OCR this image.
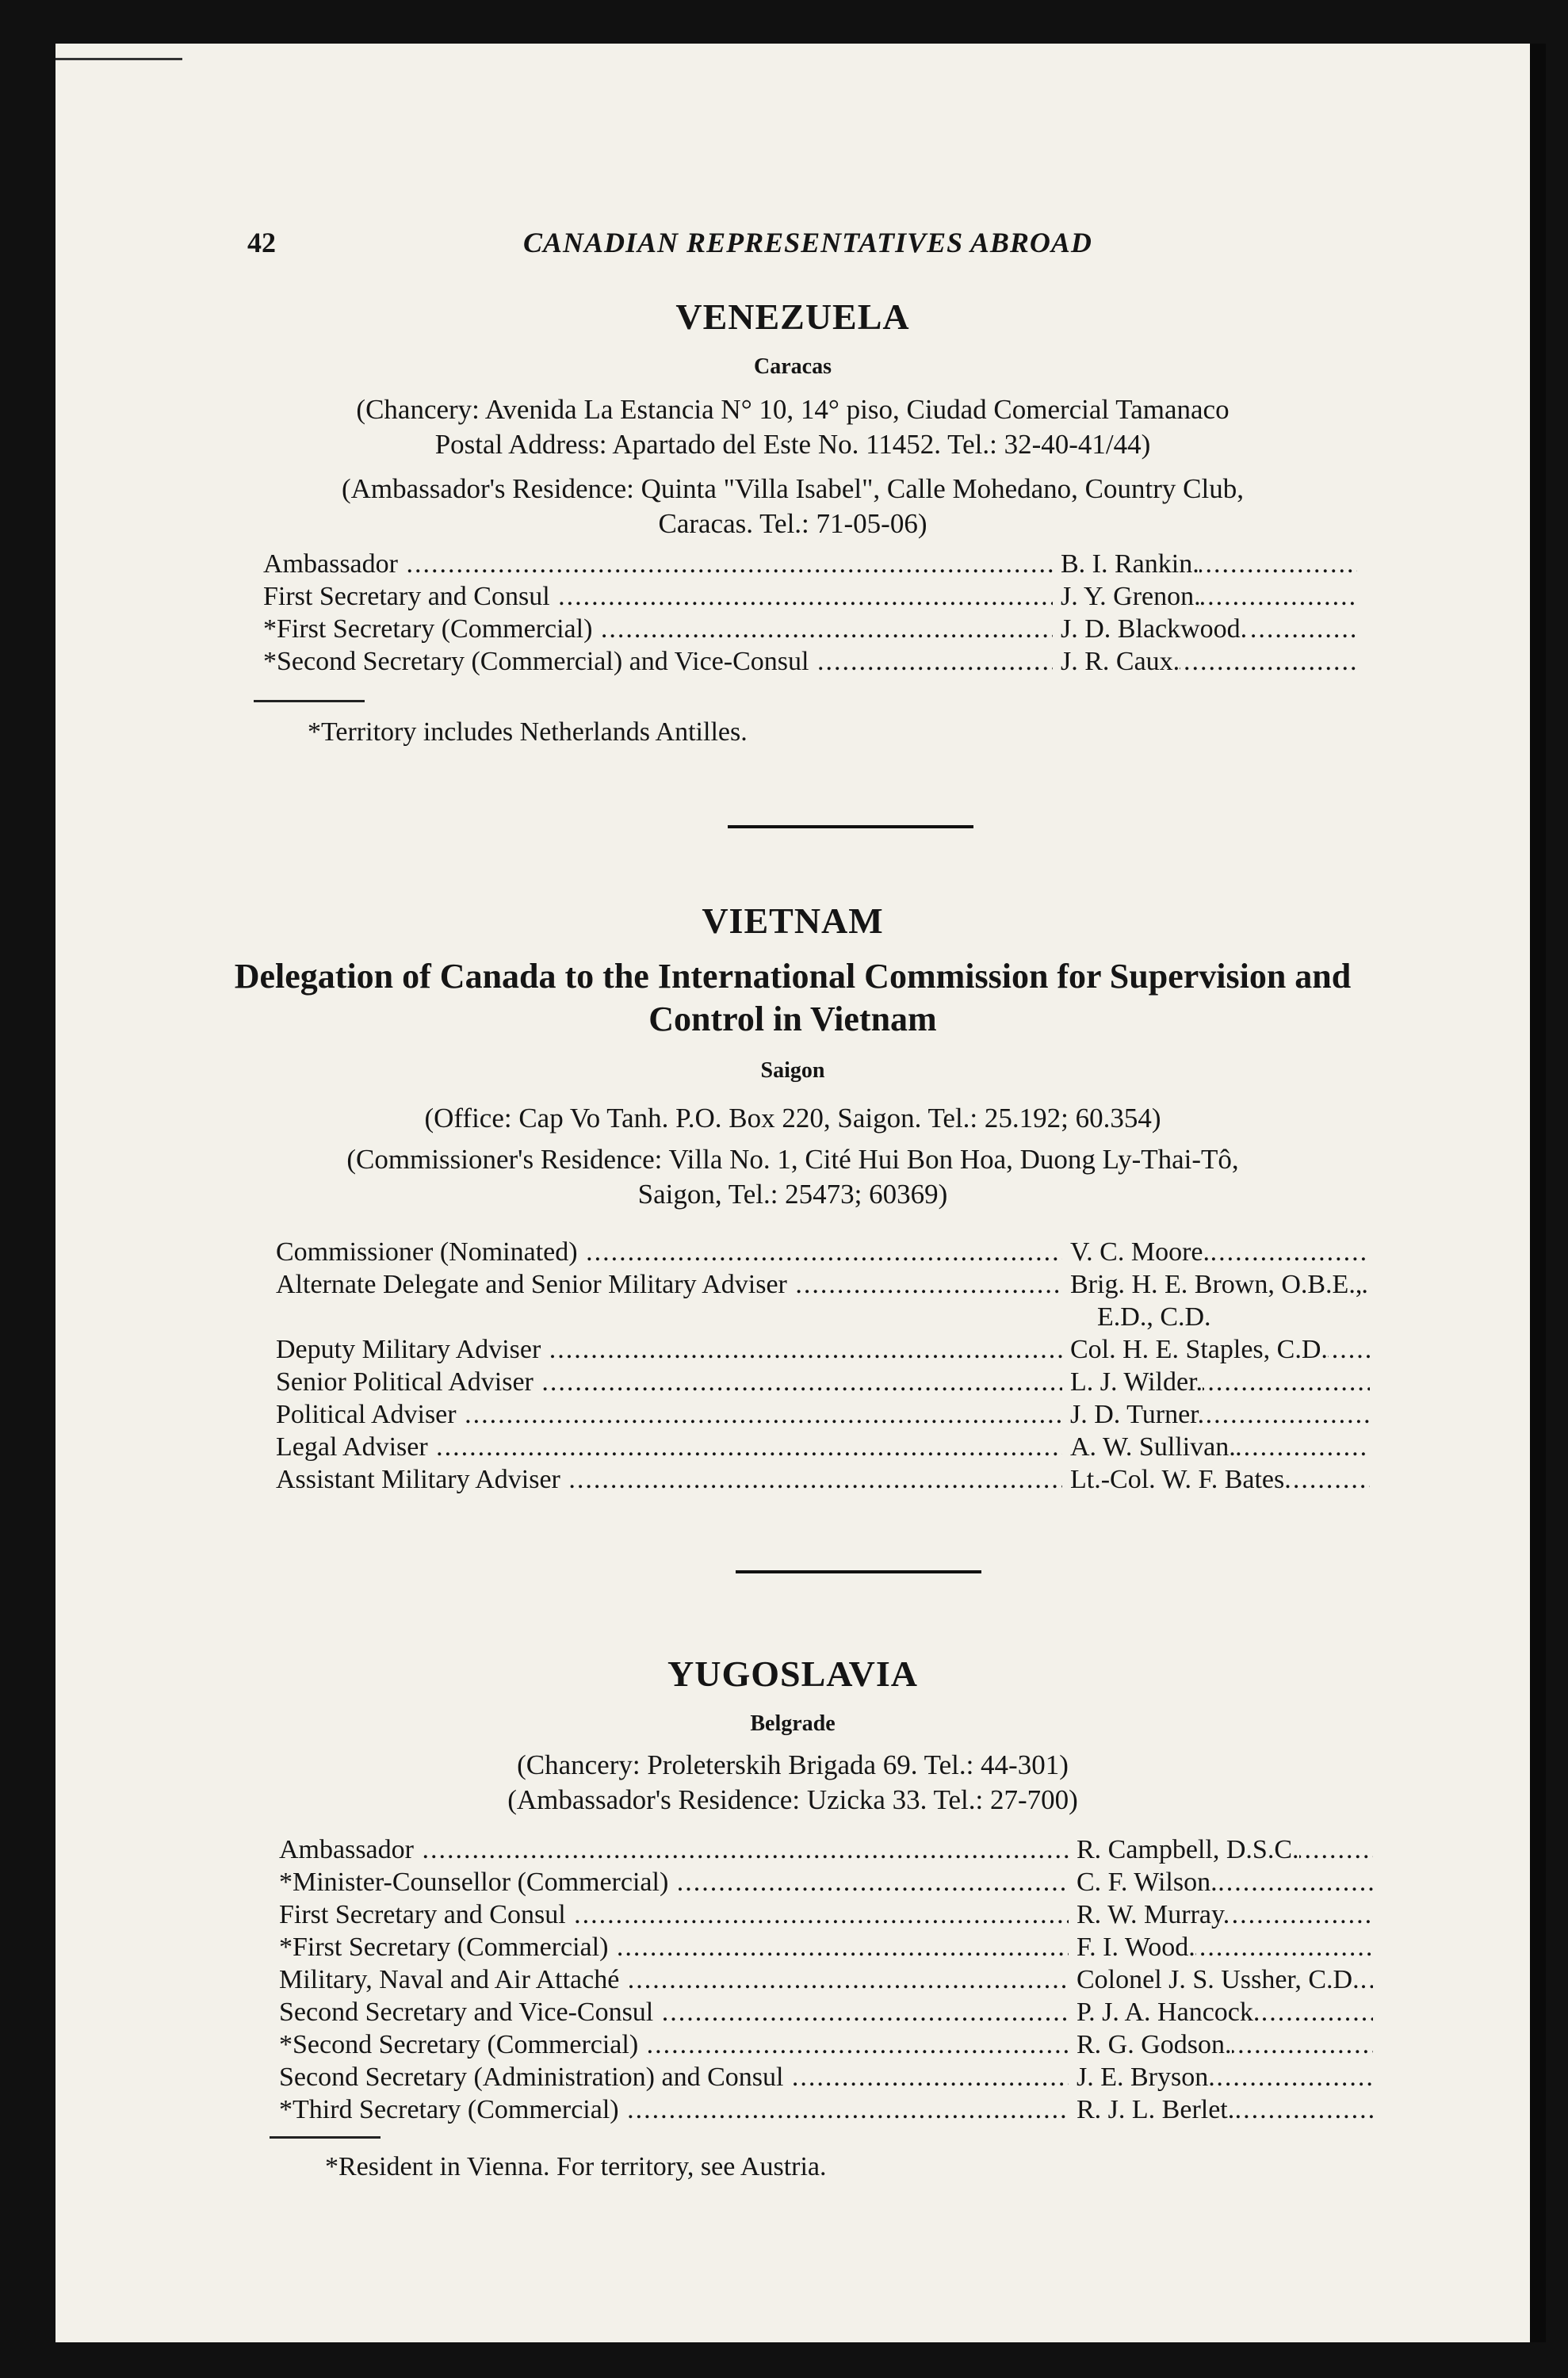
42	CANADIAN REPRESENTATIVES ABROAD
VENEZUELA
Caracas
(Chancery: Avenida La Estancia N° 10, 14° piso, Ciudad Comercial Tamanaco
Postal Address: Apartado del Este No. 11452. Tel.: 32-40-41/44)
(Ambassador's Residence: Quinta "Villa Isabel", Calle Mohedano, Country Club,
Caracas. Tel.: 71-05-06)
Ambassador .....	B. I. Rankin.
First Secretary and Consul .....	J. Y. Grenon.
*First Secretary (Commercial) .....	J. D. Blackwood.
*Second Secretary (Commercial) and Vice-Consul .....	J. R. Caux.
*Territory includes Netherlands Antilles.
VIETNAM
Delegation of Canada to the International Commission for Supervision and
Control in Vietnam
Saigon
(Office: Cap Vo Tanh. P.O. Box 220, Saigon. Tel.: 25.192; 60.354)
(Commissioner's Residence: Villa No. 1, Cité Hui Bon Hoa, Duong Ly-Thai-Tô,
Saigon, Tel.: 25473; 60369)
Commissioner (Nominated) .....	V. C. Moore.
Alternate Delegate and Senior Military Adviser .....	Brig. H. E. Brown, O.B.E.,
E.D., C.D.
Deputy Military Adviser .....	Col. H. E. Staples, C.D.
Senior Political Adviser .....	L. J. Wilder.
Political Adviser .....	J. D. Turner.
Legal Adviser .....	A. W. Sullivan.
Assistant Military Adviser .....	Lt.-Col. W. F. Bates.
YUGOSLAVIA
Belgrade
(Chancery: Proleterskih Brigada 69. Tel.: 44-301)
(Ambassador's Residence: Uzicka 33. Tel.: 27-700)
Ambassador .....	R. Campbell, D.S.C.
*Minister-Counsellor (Commercial) .....	C. F. Wilson.
First Secretary and Consul .....	R. W. Murray.
*First Secretary (Commercial) .....	F. I. Wood.
Military, Naval and Air Attaché .....	Colonel J. S. Ussher, C.D.
Second Secretary and Vice-Consul .....	P. J. A. Hancock.
*Second Secretary (Commercial) .....	R. G. Godson.
Second Secretary (Administration) and Consul .....	J. E. Bryson.
*Third Secretary (Commercial) .....	R. J. L. Berlet.
*Resident in Vienna. For territory, see Austria.
